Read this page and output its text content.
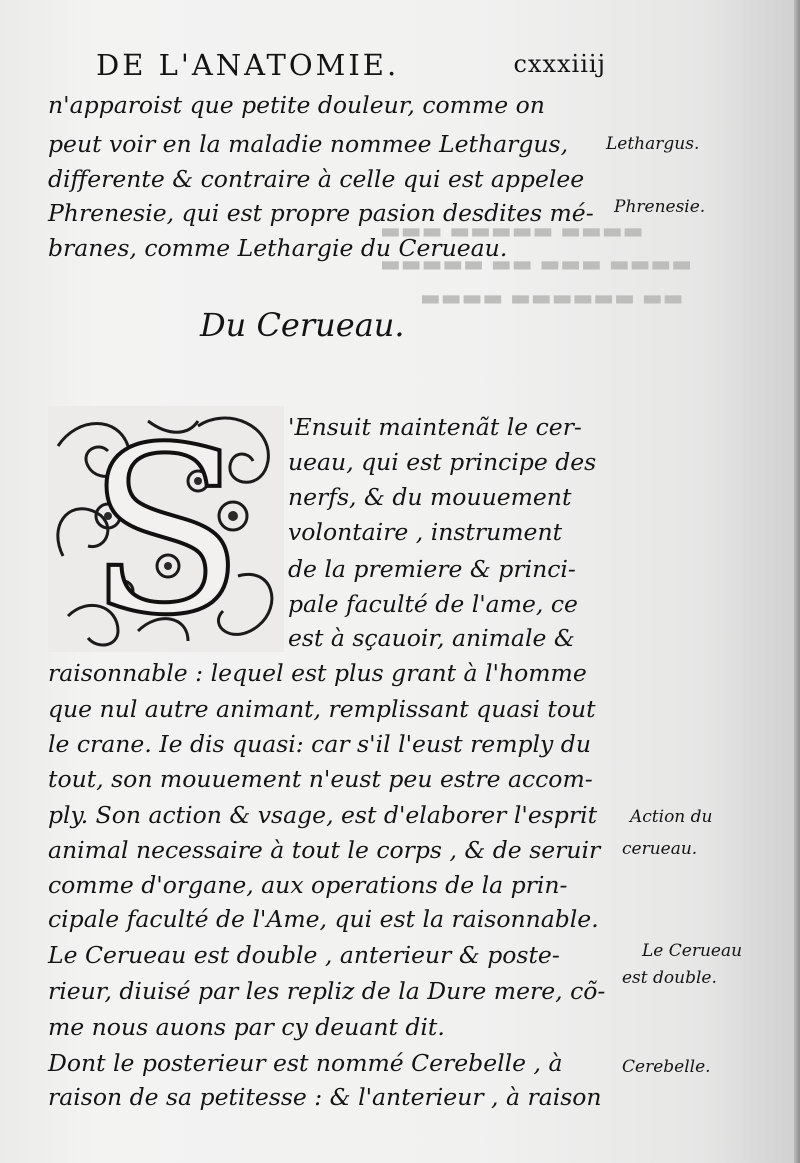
▬▬▬ ▬▬▬▬▬ ▬▬▬▬
▬▬▬▬▬ ▬▬ ▬▬▬ ▬▬▬▬
▬▬▬▬ ▬▬▬▬▬▬ ▬▬
DE L'ANATOMIE.	cxxxiiij
n'apparoist que petite douleur, comme on
peut voir en la maladie nommee Lethargus,
differente & contraire à celle qui est appelee
Phrenesie, qui est propre pasion desdites mé-
branes, comme Lethargie du Cerueau.
Lethargus.
Phrenesie.
Du Cerueau.
S 'Ensuit maintenãt le cer-
ueau, qui est principe des
nerfs, & du mouuement
volontaire , instrument
de la premiere & princi-
pale faculté de l'ame, ce
est à sçauoir, animale &
raisonnable : lequel est plus grant à l'homme
que nul autre animant, remplissant quasi tout
le crane. Ie dis quasi: car s'il l'eust remply du
tout, son mouuement n'eust peu estre accom-
ply. Son action & vsage, est d'elaborer l'esprit
animal necessaire à tout le corps , & de seruir
comme d'organe, aux operations de la prin-
cipale faculté de l'Ame, qui est la raisonnable.
Le Cerueau est double , anterieur & poste-
rieur, diuisé par les repliz de la Dure mere, cõ-
me nous auons par cy deuant dit.
Dont le posterieur est nommé Cerebelle , à
raison de sa petitesse : & l'anterieur , à raison
Action du
cerueau.
Le Cerueau
est double.
Cerebelle.
